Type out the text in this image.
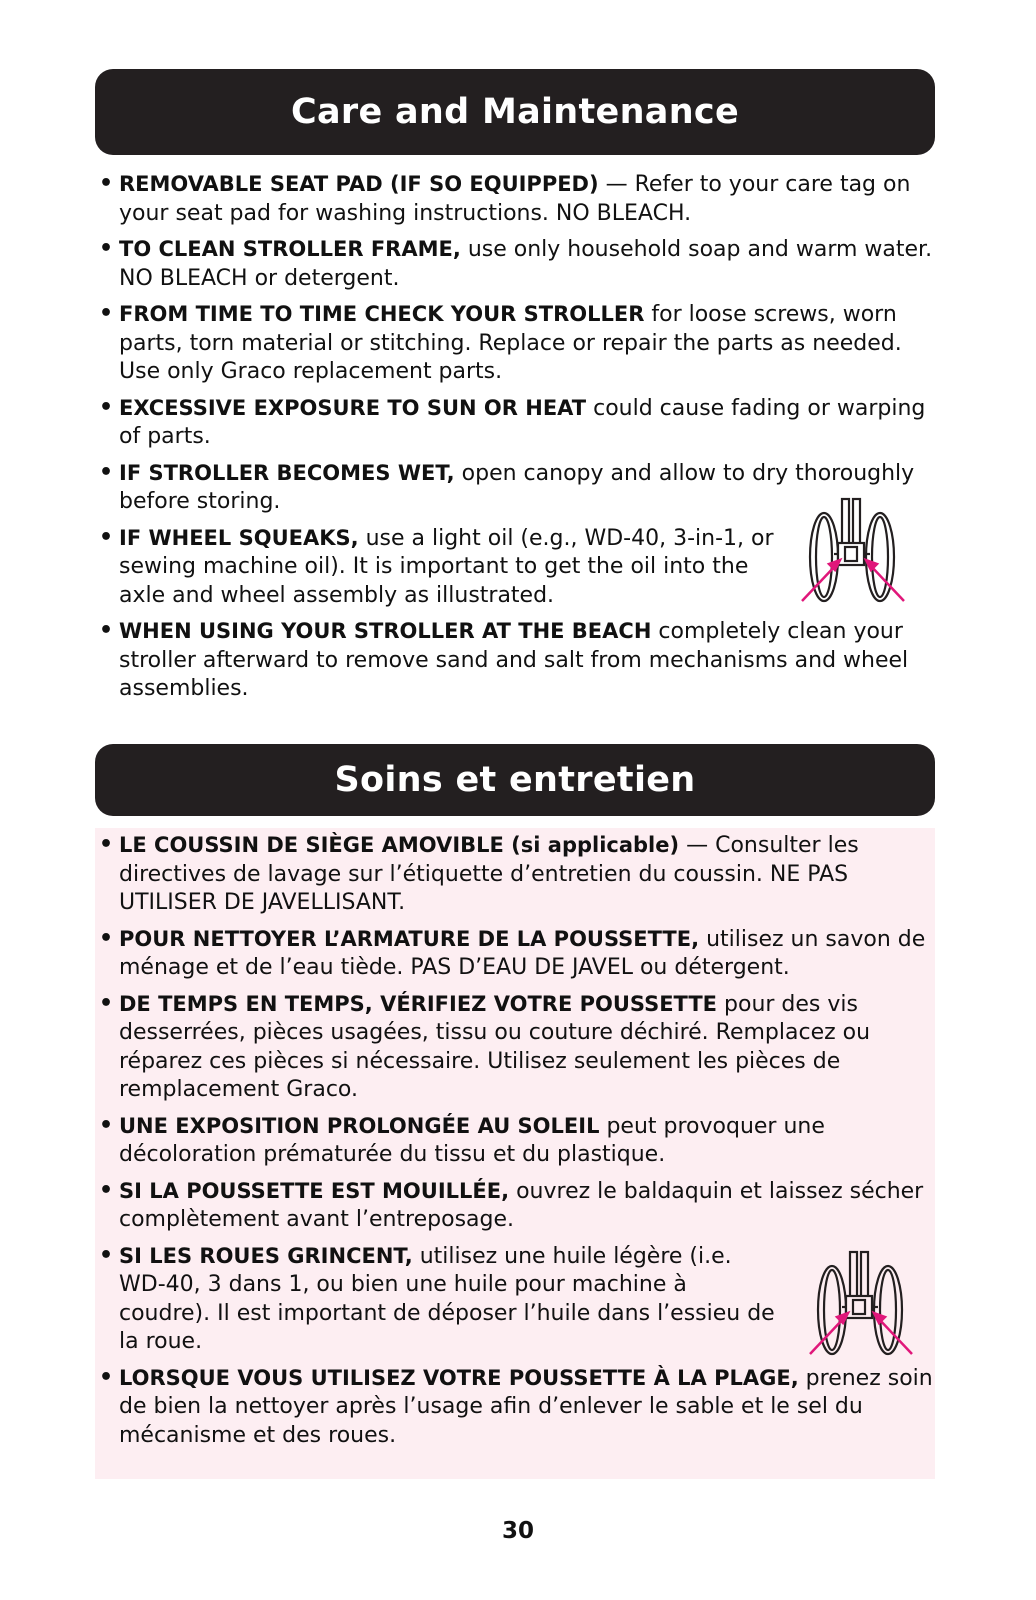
Care and Maintenance
• REMOVABLE SEAT PAD (IF SO EQUIPPED) — Refer to your care tag on your seat pad for washing instructions. NO BLEACH.
• TO CLEAN STROLLER FRAME, use only household soap and warm water. NO BLEACH or detergent.
• FROM TIME TO TIME CHECK YOUR STROLLER for loose screws, worn parts, torn material or stitching. Replace or repair the parts as needed. Use only Graco replacement parts.
• EXCESSIVE EXPOSURE TO SUN OR HEAT could cause fading or warping of parts.
• IF STROLLER BECOMES WET, open canopy and allow to dry thoroughly before storing.
• IF WHEEL SQUEAKS, use a light oil (e.g., WD-40, 3-in-1, or sewing machine oil). It is important to get the oil into the axle and wheel assembly as illustrated.
• WHEN USING YOUR STROLLER AT THE BEACH completely clean your stroller afterward to remove sand and salt from mechanisms and wheel assemblies.
Soins et entretien
• LE COUSSIN DE SIÈGE AMOVIBLE (si applicable) — Consulter les directives de lavage sur l’étiquette d’entretien du coussin. NE PAS UTILISER DE JAVELLISANT.
• POUR NETTOYER L’ARMATURE DE LA POUSSETTE, utilisez un savon de ménage et de l’eau tiède. PAS D’EAU DE JAVEL ou détergent.
• DE TEMPS EN TEMPS, VÉRIFIEZ VOTRE POUSSETTE pour des vis desserrées, pièces usagées, tissu ou couture déchiré. Remplacez ou réparez ces pièces si nécessaire. Utilisez seulement les pièces de remplacement Graco.
• UNE EXPOSITION PROLONGÉE AU SOLEIL peut provoquer une décoloration prématurée du tissu et du plastique.
• SI LA POUSSETTE EST MOUILLÉE, ouvrez le baldaquin et laissez sécher complètement avant l’entreposage.
• SI LES ROUES GRINCENT, utilisez une huile légère (i.e. WD-40, 3 dans 1, ou bien une huile pour machine à coudre). Il est important de déposer l’huile dans l’essieu de la roue.
• LORSQUE VOUS UTILISEZ VOTRE POUSSETTE À LA PLAGE, prenez soin de bien la nettoyer après l’usage afin d’enlever le sable et le sel du mécanisme et des roues.
30
